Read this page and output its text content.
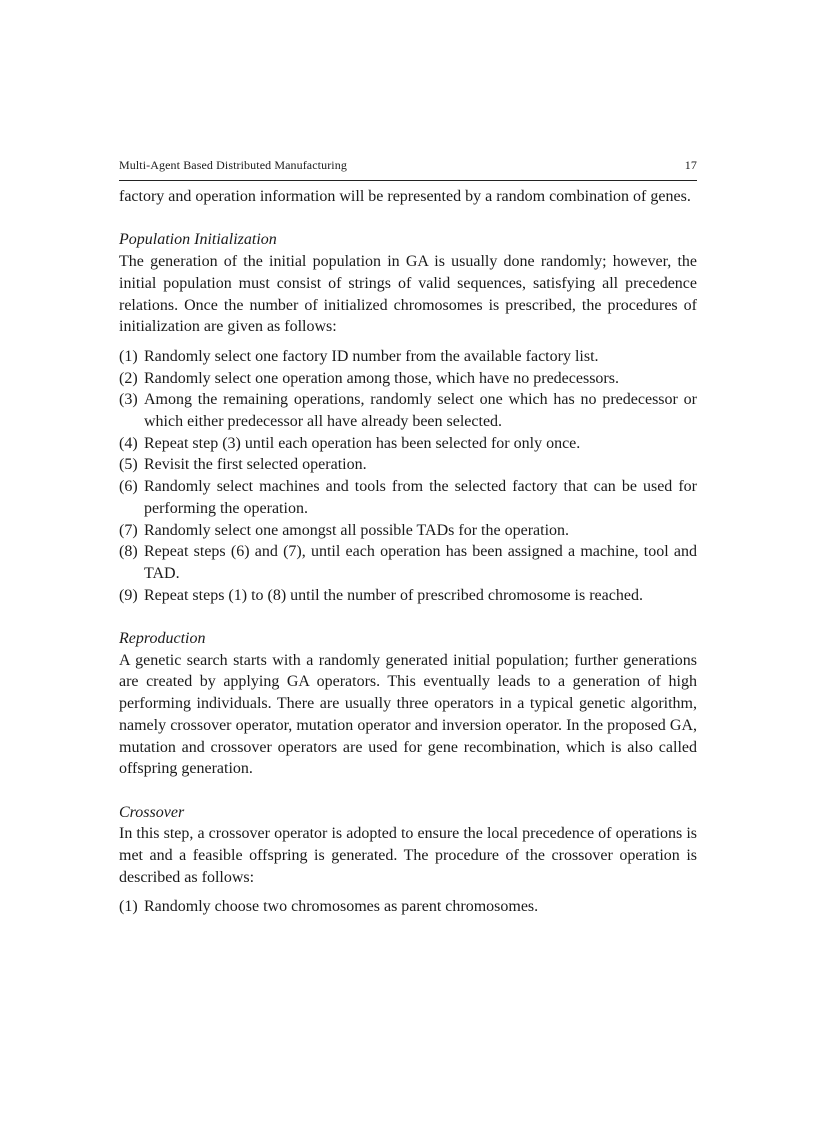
Multi-Agent Based Distributed Manufacturing	17

factory and operation information will be represented by a random combination of genes.

Population Initialization

The generation of the initial population in GA is usually done randomly; however, the initial population must consist of strings of valid sequences, satisfying all precedence relations. Once the number of initialized chromosomes is prescribed, the procedures of initialization are given as follows:

(1) Randomly select one factory ID number from the available factory list.
(2) Randomly select one operation among those, which have no predecessors.
(3) Among the remaining operations, randomly select one which has no predecessor or which either predecessor all have already been selected.
(4) Repeat step (3) until each operation has been selected for only once.
(5) Revisit the first selected operation.
(6) Randomly select machines and tools from the selected factory that can be used for performing the operation.
(7) Randomly select one amongst all possible TADs for the operation.
(8) Repeat steps (6) and (7), until each operation has been assigned a machine, tool and TAD.
(9) Repeat steps (1) to (8) until the number of prescribed chromosome is reached.

Reproduction

A genetic search starts with a randomly generated initial population; further generations are created by applying GA operators. This eventually leads to a generation of high performing individuals. There are usually three operators in a typical genetic algorithm, namely crossover operator, mutation operator and inversion operator. In the proposed GA, mutation and crossover operators are used for gene recombination, which is also called offspring generation.

Crossover

In this step, a crossover operator is adopted to ensure the local precedence of operations is met and a feasible offspring is generated. The procedure of the crossover operation is described as follows:

(1) Randomly choose two chromosomes as parent chromosomes.
